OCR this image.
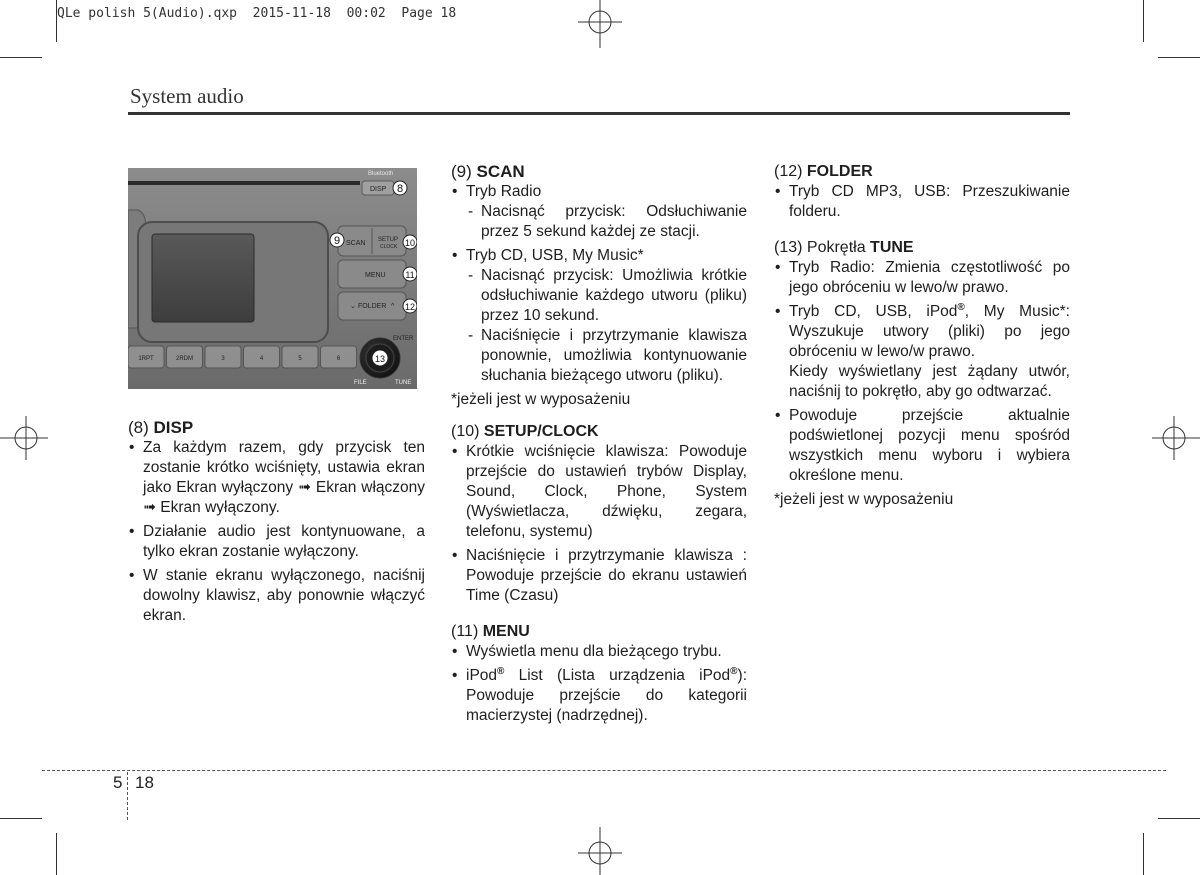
QLe polish 5(Audio).qxp  2015-11-18  00:02  Page 18
System audio
Bluetooth
DISP
SCAN SETUP
CLOCK
MENU
⌄ FOLDER ^
ENTER
1RPT	2RDM	3	4	5	6
FILE	TUNE
8
9	10
11
12
13

(8) DISP

• Za każdym razem, gdy przycisk ten zostanie krótko wciśnięty, ustawia ekran jako Ekran wyłączony ➟ Ekran włączony ➟ Ekran wyłączony.
• Działanie audio jest kontynuowane, a tylko ekran zostanie wyłączony.
• W stanie ekranu wyłączonego, naciśnij dowolny klawisz, aby ponownie włączyć ekran.

(9) SCAN

• Tryb Radio
- Nacisnąć przycisk: Odsłuchiwanie przez 5 sekund każdej ze stacji.
• Tryb CD, USB, My Music*
- Nacisnąć przycisk: Umożliwia krótkie odsłuchiwanie każdego utworu (pliku) przez 10 sekund.
- Naciśnięcie i przytrzymanie klawisza ponownie, umożliwia kontynuowanie słuchania bieżącego utworu (pliku).

*jeżeli jest w wyposażeniu

(10) SETUP/CLOCK

• Krótkie wciśnięcie klawisza: Powoduje przejście do ustawień trybów Display, Sound, Clock, Phone, System (Wyświetlacza, dźwięku, zegara, telefonu, systemu)
• Naciśnięcie i przytrzymanie klawisza : Powoduje przejście do ekranu ustawień Time (Czasu)

(11) MENU

• Wyświetla menu dla bieżącego trybu.
• iPod® List (Lista urządzenia iPod®): Powoduje przejście do kategorii macierzystej (nadrzędnej).

(12) FOLDER

• Tryb CD MP3, USB: Przeszukiwanie folderu.

(13) Pokrętła TUNE

• Tryb Radio: Zmienia częstotliwość po jego obróceniu w lewo/w prawo.
• Tryb CD, USB, iPod®, My Music*: Wyszukuje utwory (pliki) po jego obróceniu w lewo/w prawo.
Kiedy wyświetlany jest żądany utwór, naciśnij to pokrętło, aby go odtwarzać.
• Powoduje przejście aktualnie podświetlonej pozycji menu spośród wszystkich menu wyboru i wybiera określone menu.

*jeżeli jest w wyposażeniu

5 18
